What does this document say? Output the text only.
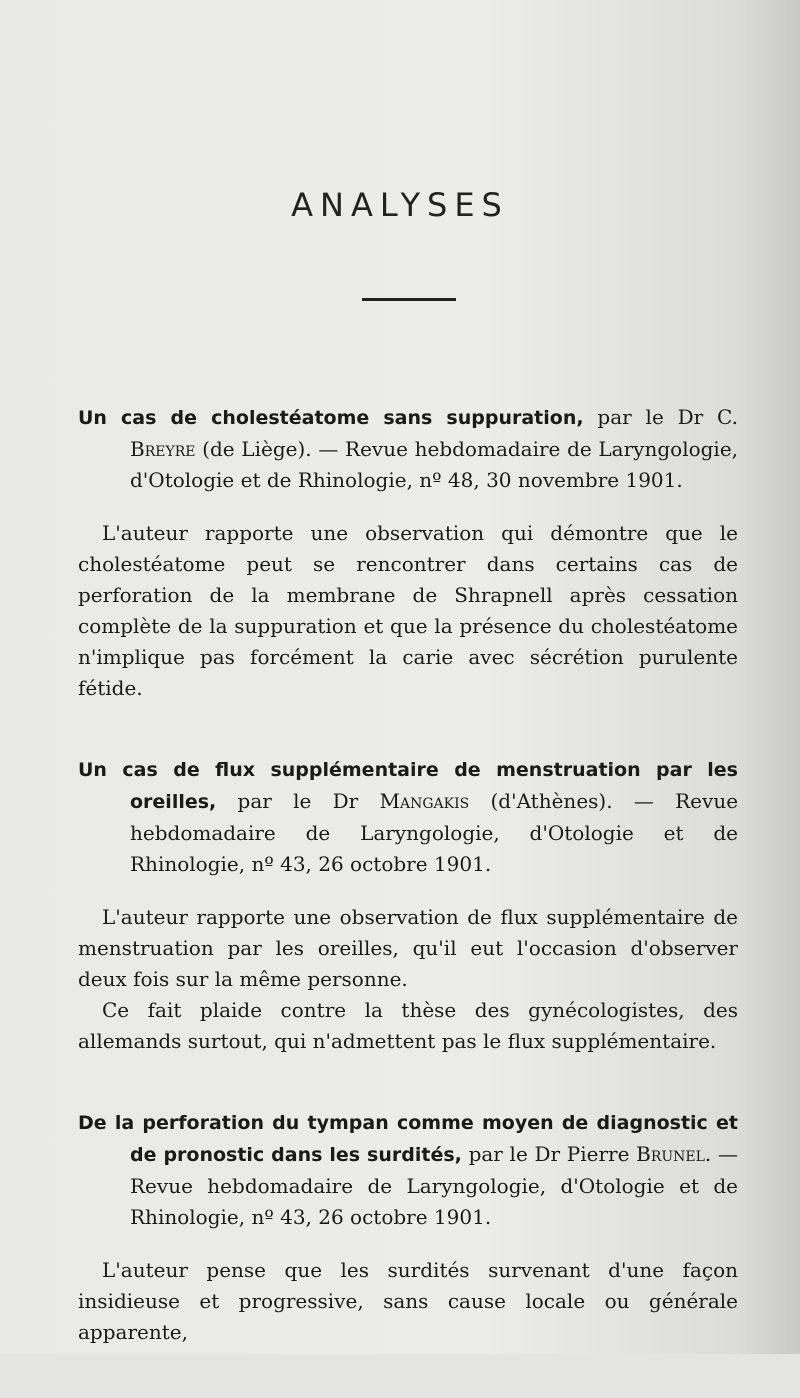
ANALYSES
Un cas de cholestéatome sans suppuration, par le Dr C. Breyre (de Liège). — Revue hebdomadaire de Laryngologie, d'Otologie et de Rhinologie, nº 48, 30 novembre 1901.

L'auteur rapporte une observation qui démontre que le cholestéatome peut se rencontrer dans certains cas de perforation de la membrane de Shrapnell après cessation complète de la suppuration et que la présence du cholestéatome n'implique pas forcément la carie avec sécrétion purulente fétide.

Un cas de flux supplémentaire de menstruation par les oreilles, par le Dr Mangakis (d'Athènes). — Revue hebdomadaire de Laryngologie, d'Otologie et de Rhinologie, nº 43, 26 octobre 1901.

L'auteur rapporte une observation de flux supplémentaire de menstruation par les oreilles, qu'il eut l'occasion d'observer deux fois sur la même personne.

Ce fait plaide contre la thèse des gynécologistes, des allemands surtout, qui n'admettent pas le flux supplémentaire.

De la perforation du tympan comme moyen de diagnostic et de pronostic dans les surdités, par le Dr Pierre Brunel. — Revue hebdomadaire de Laryngologie, d'Otologie et de Rhinologie, nº 43, 26 octobre 1901.

L'auteur pense que les surdités survenant d'une façon insidieuse et progressive, sans cause locale ou générale apparente,
